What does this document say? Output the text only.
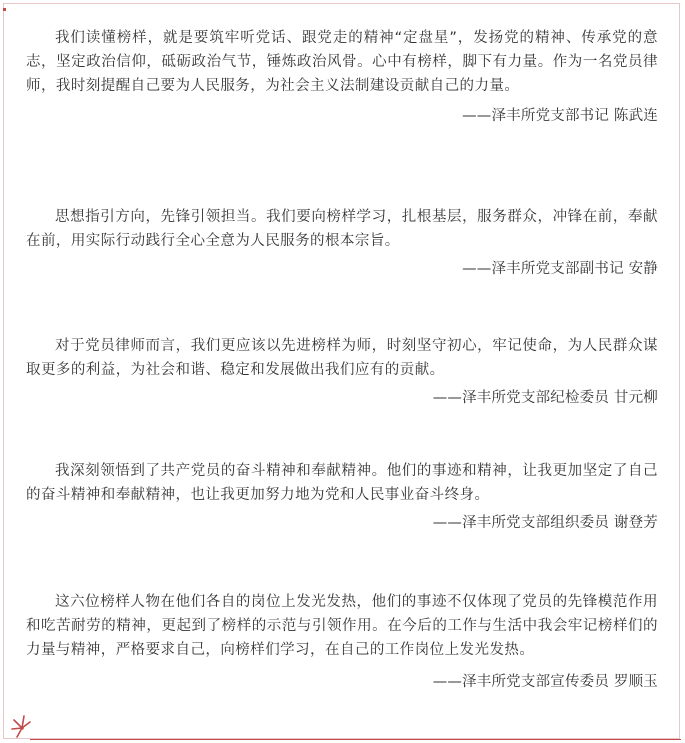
我们读懂榜样，就是要筑牢听党话、跟党走的精神“定盘星”，发扬党的精神、传承党的意志，坚定政治信仰，砥砺政治气节，锤炼政治风骨。心中有榜样，脚下有力量。作为一名党员律师，我时刻提醒自己要为人民服务，为社会主义法制建设贡献自己的力量。

——泽丰所党支部书记 陈武连

思想指引方向，先锋引领担当。我们要向榜样学习，扎根基层，服务群众，冲锋在前，奉献在前，用实际行动践行全心全意为人民服务的根本宗旨。

——泽丰所党支部副书记 安静

对于党员律师而言，我们更应该以先进榜样为师，时刻坚守初心，牢记使命，为人民群众谋取更多的利益，为社会和谐、稳定和发展做出我们应有的贡献。

——泽丰所党支部纪检委员 甘元柳

我深刻领悟到了共产党员的奋斗精神和奉献精神。他们的事迹和精神，让我更加坚定了自己的奋斗精神和奉献精神，也让我更加努力地为党和人民事业奋斗终身。

——泽丰所党支部组织委员 谢登芳

这六位榜样人物在他们各自的岗位上发光发热，他们的事迹不仅体现了党员的先锋模范作用和吃苦耐劳的精神，更起到了榜样的示范与引领作用。在今后的工作与生活中我会牢记榜样们的力量与精神，严格要求自己，向榜样们学习，在自己的工作岗位上发光发热。

——泽丰所党支部宣传委员 罗顺玉
